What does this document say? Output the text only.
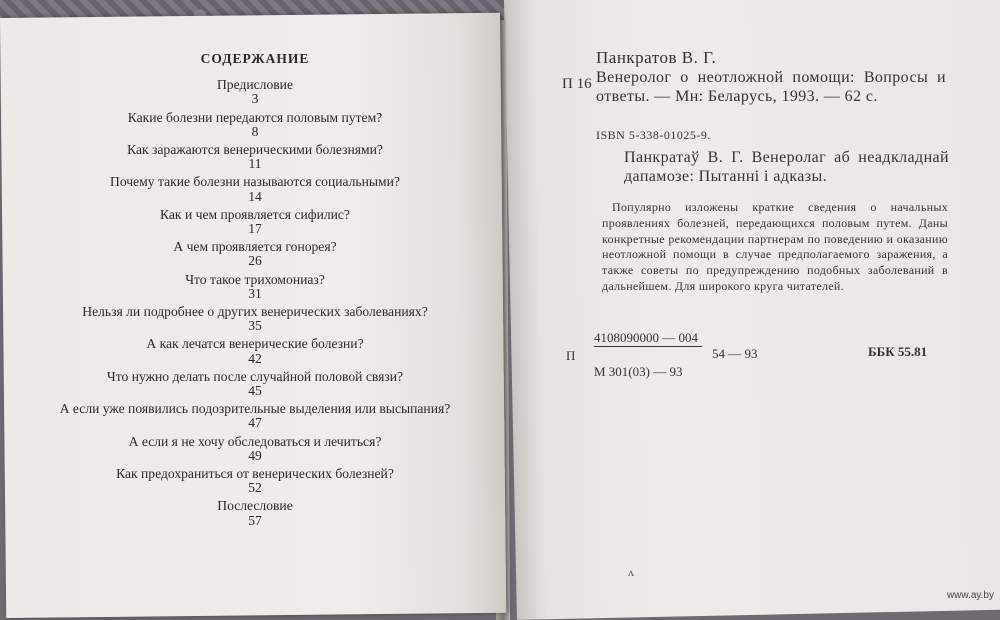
СОДЕРЖАНИЕ
Предисловие
3
Какие болезни передаются половым путем?
8
Как заражаются венерическими болезнями?
11
Почему такие болезни называются социальными?
14
Как и чем проявляется сифилис?
17
А чем проявляется гонорея?
26
Что такое трихомониаз?
31
Нельзя ли подробнее о других венерических заболеваниях?
35
А как лечатся венерические болезни?
42
Что нужно делать после случайной половой связи?
45
А если уже появились подозрительные выделения или высыпания?
47
А если я не хочу обследоваться и лечиться?
49
Как предохраниться от венерических болезней?
52
Послесловие
57
Панкратов В. Г.
П 16 Венеролог о неотложной помощи: Вопросы и ответы. — Мн: Беларусь, 1993. — 62 с.
ISBN 5-338-01025-9.
Панкратаў В. Г. Венеролаг аб неадкладнай дапамозе: Пытанні і адказы.
Популярно изложены краткие сведения о начальных проявлениях болезней, передающихся половым путем. Даны конкретные рекомендации партнерам по поведению и оказанию неотложной помощи в случае предполагаемого заражения, а также советы по предупреждению подобных заболеваний в дальнейшем. Для широкого круга читателей.
П
4108090000 — 004
М 301(03) — 93
54 — 93	ББК 55.81
ʌ
www.ay.by
